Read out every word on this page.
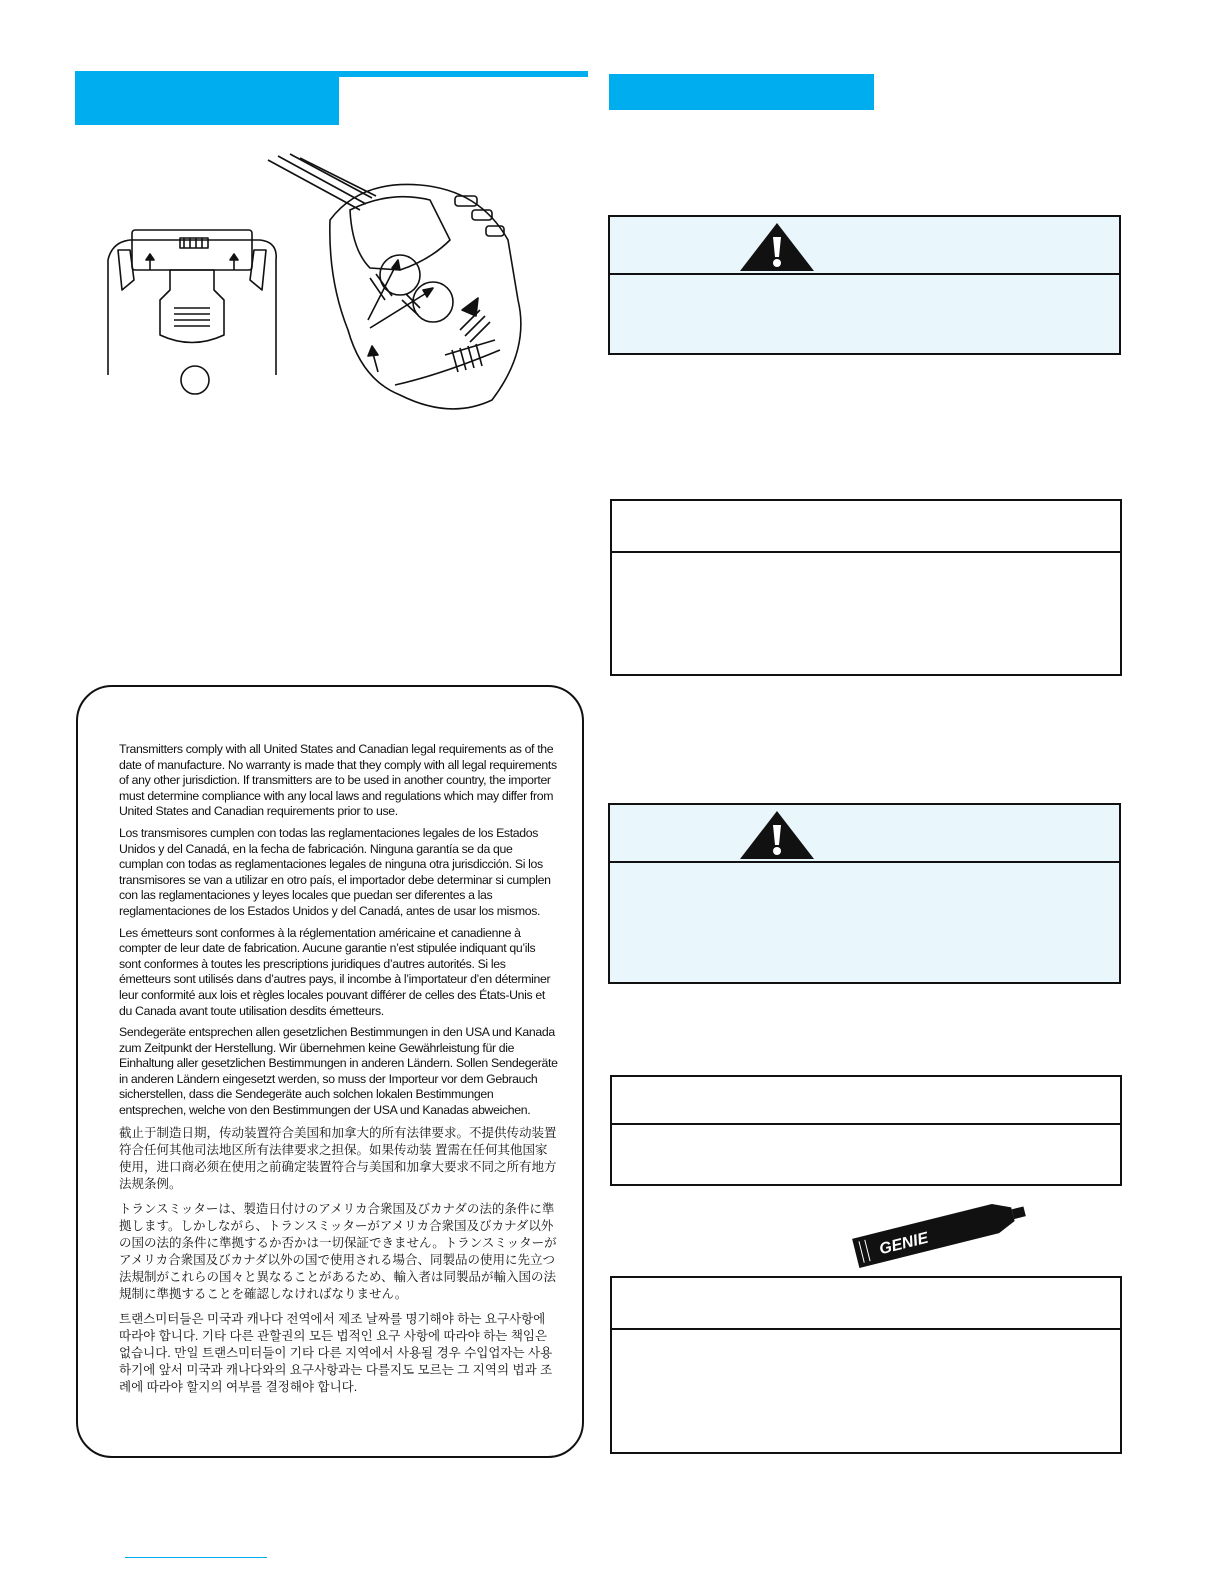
Transmitters comply with all United States and Canadian legal requirements as of the date of manufacture. No warranty is made that they comply with all legal requirements of any other jurisdiction. If transmitters are to be used in another country, the importer must determine compliance with any local laws and regulations which may differ from United States and Canadian requirements prior to use.

Los transmisores cumplen con todas las reglamentaciones legales de los Estados Unidos y del Canadá, en la fecha de fabricación. Ninguna garantía se da que cumplan con todas as reglamentaciones legales de ninguna otra jurisdicción. Si los transmisores se van a utilizar en otro país, el importador debe determinar si cumplen con las reglamentaciones y leyes locales que puedan ser diferentes a las reglamentaciones de los Estados Unidos y del Canadá, antes de usar los mismos.

Les émetteurs sont conformes à la réglementation américaine et canadienne à compter de leur date de fabrication. Aucune garantie n’est stipulée indiquant qu’ils sont conformes à toutes les prescriptions juridiques d’autres autorités. Si les émetteurs sont utilisés dans d’autres pays, il incombe à l’importateur d’en déterminer leur conformité aux lois et règles locales pouvant différer de celles des États-Unis et du Canada avant toute utilisation desdits émetteurs.

Sendegeräte entsprechen allen gesetzlichen Bestimmungen in den USA und Kanada zum Zeitpunkt der Herstellung. Wir übernehmen keine Gewährleistung für die Einhaltung aller gesetzlichen Bestimmungen in anderen Ländern. Sollen Sendegeräte in anderen Ländern eingesetzt werden, so muss der Importeur vor dem Gebrauch sicherstellen, dass die Sendegeräte auch solchen lokalen Bestimmungen entsprechen, welche von den Bestimmungen der USA und Kanadas abweichen.

截止于制造日期，传动装置符合美国和加拿大的所有法律要求。不提供传动装置符合任何其他司法地区所有法律要求之担保。如果传动装 置需在任何其他国家使用，进口商必须在使用之前确定装置符合与美国和加拿大要求不同之所有地方法规条例。

トランスミッターは、製造日付けのアメリカ合衆国及びカナダの法的条件に準拠します。しかしながら、トランスミッターがアメリカ合衆国及びカナダ以外の国の法的条件に準拠するか否かは一切保証できません。トランスミッターがアメリカ合衆国及びカナダ以外の国で使用される場合、同製品の使用に先立つ法規制がこれらの国々と異なることがあるため、輸入者は同製品が輸入国の法規制に準拠することを確認しなければなりません。

트랜스미터들은 미국과 캐나다 전역에서 제조 날짜를 명기해야 하는 요구사항에 따라야 합니다. 기타 다른 관할권의 모든 법적인 요구 사항에 따라야 하는 책임은 없습니다. 만일 트랜스미터들이 기타 다른 지역에서 사용될 경우 수입업자는 사용하기에 앞서 미국과 캐나다와의 요구사항과는 다를지도 모르는 그 지역의 법과 조례에 따라야 할지의 여부를 결정해야 합니다.

GENIE
